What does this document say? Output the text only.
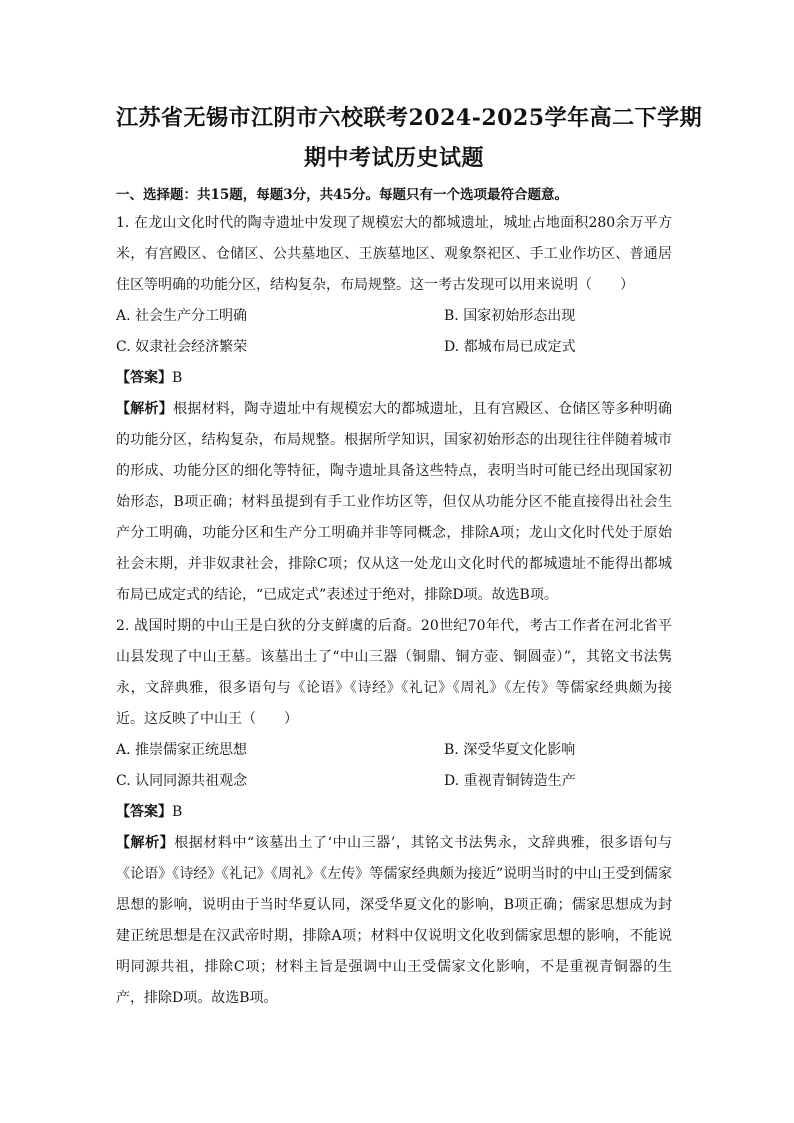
江苏省无锡市江阴市六校联考2024-2025学年高二下学期
期中考试历史试题
一、选择题：共15题，每题3分，共45分。每题只有一个选项最符合题意。

1. 在龙山文化时代的陶寺遗址中发现了规模宏大的都城遗址，城址占地面积280余万平方米，有宫殿区、仓储区、公共墓地区、王族墓地区、观象祭祀区、手工业作坊区、普通居住区等明确的功能分区，结构复杂，布局规整。这一考古发现可以用来说明（　　）

A. 社会生产分工明确	B. 国家初始形态出现
C. 奴隶社会经济繁荣	D. 都城布局已成定式
【答案】B

【解析】根据材料，陶寺遗址中有规模宏大的都城遗址，且有宫殿区、仓储区等多种明确的功能分区，结构复杂，布局规整。根据所学知识，国家初始形态的出现往往伴随着城市的形成、功能分区的细化等特征，陶寺遗址具备这些特点，表明当时可能已经出现国家初始形态，B项正确；材料虽提到有手工业作坊区等，但仅从功能分区不能直接得出社会生产分工明确，功能分区和生产分工明确并非等同概念，排除A项；龙山文化时代处于原始社会末期，并非奴隶社会，排除C项；仅从这一处龙山文化时代的都城遗址不能得出都城布局已成定式的结论，“已成定式”表述过于绝对，排除D项。故选B项。

2. 战国时期的中山王是白狄的分支鲜虞的后裔。20世纪70年代，考古工作者在河北省平山县发现了中山王墓。该墓出土了“中山三器（铜鼎、铜方壶、铜圆壶）”，其铭文书法隽永，文辞典雅，很多语句与《论语》《诗经》《礼记》《周礼》《左传》等儒家经典颇为接近。这反映了中山王（　　）

A. 推崇儒家正统思想	B. 深受华夏文化影响
C. 认同同源共祖观念	D. 重视青铜铸造生产
【答案】B

【解析】根据材料中“该墓出土了‘中山三器’，其铭文书法隽永，文辞典雅，很多语句与《论语》《诗经》《礼记》《周礼》《左传》等儒家经典颇为接近”说明当时的中山王受到儒家思想的影响，说明由于当时华夏认同，深受华夏文化的影响，B项正确；儒家思想成为封建正统思想是在汉武帝时期，排除A项；材料中仅说明文化收到儒家思想的影响，不能说明同源共祖，排除C项；材料主旨是强调中山王受儒家文化影响，不是重视青铜器的生产，排除D项。故选B项。
